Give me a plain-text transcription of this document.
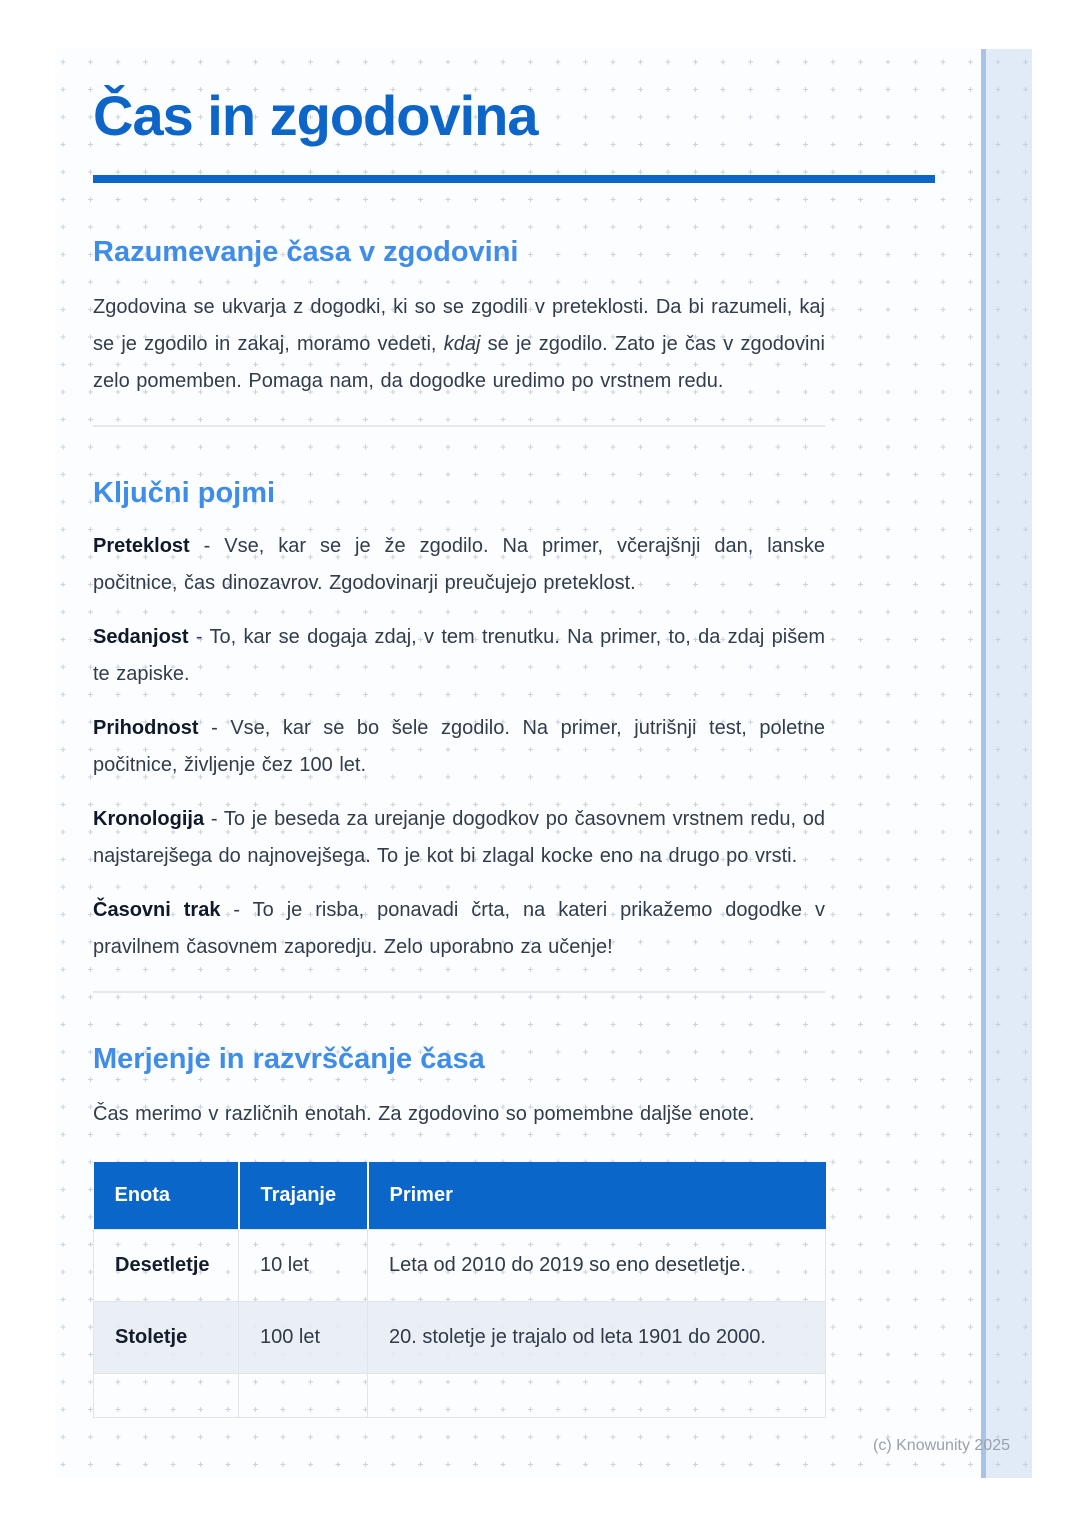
Čas in zgodovina
Razumevanje časa v zgodovini

Zgodovina se ukvarja z dogodki, ki so se zgodili v preteklosti. Da bi razumeli, kaj se je zgodilo in zakaj, moramo vedeti, kdaj se je zgodilo. Zato je čas v zgodovini zelo pomemben. Pomaga nam, da dogodke uredimo po vrstnem redu.

Ključni pojmi

Preteklost - Vse, kar se je že zgodilo. Na primer, včerajšnji dan, lanske počitnice, čas dinozavrov. Zgodovinarji preučujejo preteklost.

Sedanjost - To, kar se dogaja zdaj, v tem trenutku. Na primer, to, da zdaj pišem te zapiske.

Prihodnost - Vse, kar se bo šele zgodilo. Na primer, jutrišnji test, poletne počitnice, življenje čez 100 let.

Kronologija - To je beseda za urejanje dogodkov po časovnem vrstnem redu, od najstarejšega do najnovejšega. To je kot bi zlagal kocke eno na drugo po vrsti.

Časovni trak - To je risba, ponavadi črta, na kateri prikažemo dogodke v pravilnem časovnem zaporedju. Zelo uporabno za učenje!

Merjenje in razvrščanje časa

Čas merimo v različnih enotah. Za zgodovino so pomembne daljše enote.

Enota	Trajanje	Primer
Desetletje	10 let	Leta od 2010 do 2019 so eno desetletje.
Stoletje	100 let	20. stoletje je trajalo od leta 1901 do 2000.

(c) Knowunity 2025
